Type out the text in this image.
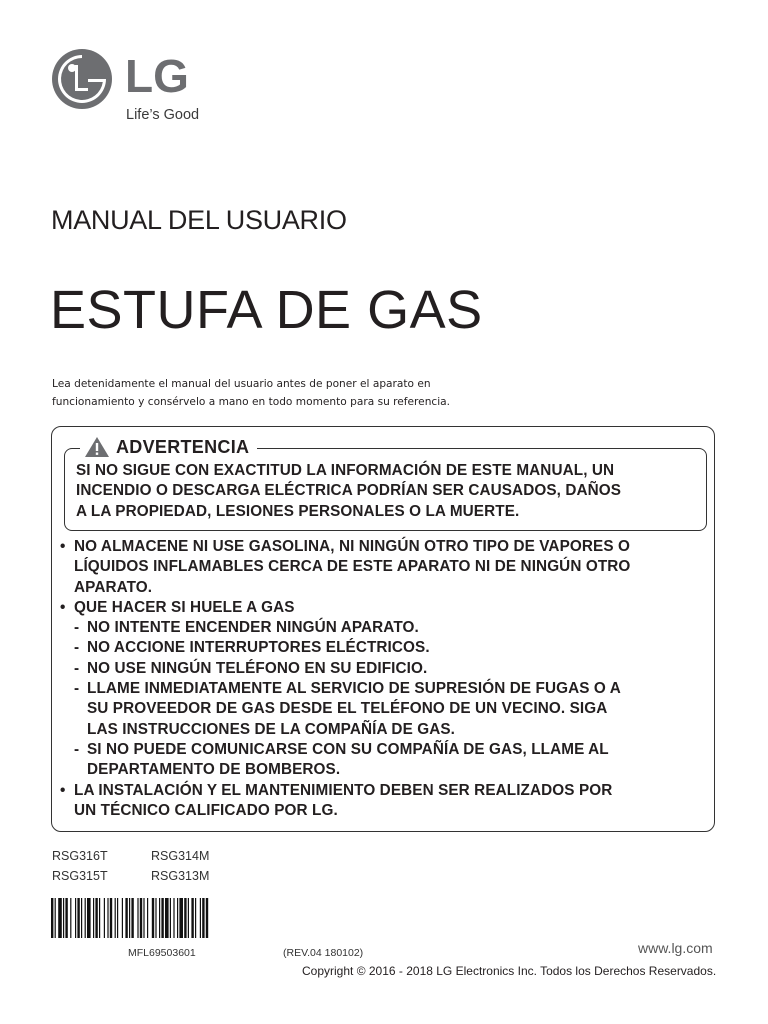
LG
Life’s Good
MANUAL DEL USUARIO
ESTUFA DE GAS
Lea detenidamente el manual del usuario antes de poner el aparato en
funcionamiento y consérvelo a mano en todo momento para su referencia.
ADVERTENCIA
SI NO SIGUE CON EXACTITUD LA INFORMACIÓN DE ESTE MANUAL, UN
INCENDIO O DESCARGA ELÉCTRICA PODRÍAN SER CAUSADOS, DAÑOS
A LA PROPIEDAD, LESIONES PERSONALES O LA MUERTE.
• NO ALMACENE NI USE GASOLINA, NI NINGÚN OTRO TIPO DE VAPORES O
LÍQUIDOS INFLAMABLES CERCA DE ESTE APARATO NI DE NINGÚN OTRO
APARATO.
• QUE HACER SI HUELE A GAS
- NO INTENTE ENCENDER NINGÚN APARATO.
- NO ACCIONE INTERRUPTORES ELÉCTRICOS.
- NO USE NINGÚN TELÉFONO EN SU EDIFICIO.
- LLAME INMEDIATAMENTE AL SERVICIO DE SUPRESIÓN DE FUGAS O A
SU PROVEEDOR DE GAS DESDE EL TELÉFONO DE UN VECINO. SIGA
LAS INSTRUCCIONES DE LA COMPAÑÍA DE GAS.
- SI NO PUEDE COMUNICARSE CON SU COMPAÑÍA DE GAS, LLAME AL
DEPARTAMENTO DE BOMBEROS.
• LA INSTALACIÓN Y EL MANTENIMIENTO DEBEN SER REALIZADOS POR
UN TÉCNICO CALIFICADO POR LG.
RSG316T	RSG314M
RSG315T	RSG313M
MFL69503601	(REV.04 180102)	www.lg.com
Copyright © 2016 - 2018 LG Electronics Inc. Todos los Derechos Reservados.
